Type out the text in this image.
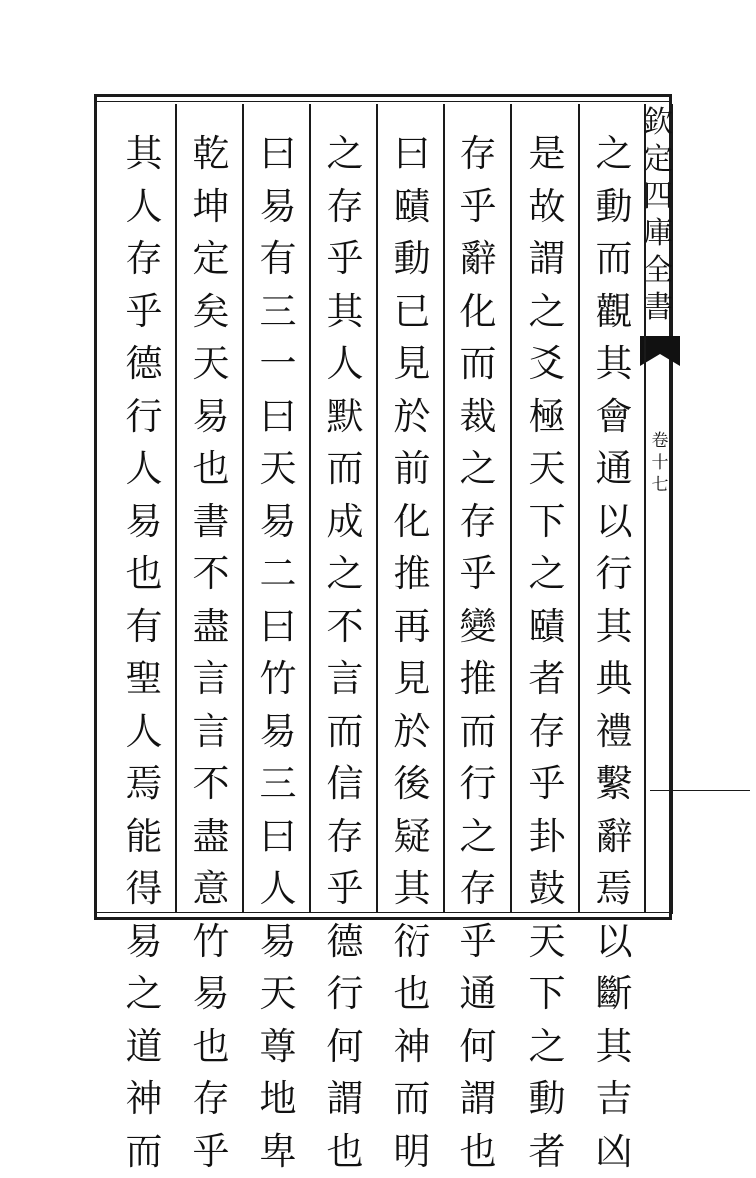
欽
定
四
庫
全
書
卷
十
七
之
動
而
觀
其
會
通
以
行
其
典
禮
繫
辭
焉
以
斷
其
吉
凶
是
故
謂
之
爻
極
天
下
之
賾
者
存
乎
卦
鼓
天
下
之
動
者
存
乎
辭
化
而
裁
之
存
乎
變
推
而
行
之
存
乎
通
何
謂
也
曰
賾
動
已
見
於
前
化
推
再
見
於
後
疑
其
衍
也
神
而
明
之
存
乎
其
人
默
而
成
之
不
言
而
信
存
乎
德
行
何
謂
也
曰
易
有
三
一
曰
天
易
二
曰
竹
易
三
曰
人
易
天
尊
地
卑
乾
坤
定
矣
天
易
也
書
不
盡
言
言
不
盡
意
竹
易
也
存
乎
其
人
存
乎
德
行
人
易
也
有
聖
人
焉
能
得
易
之
道
神
而
